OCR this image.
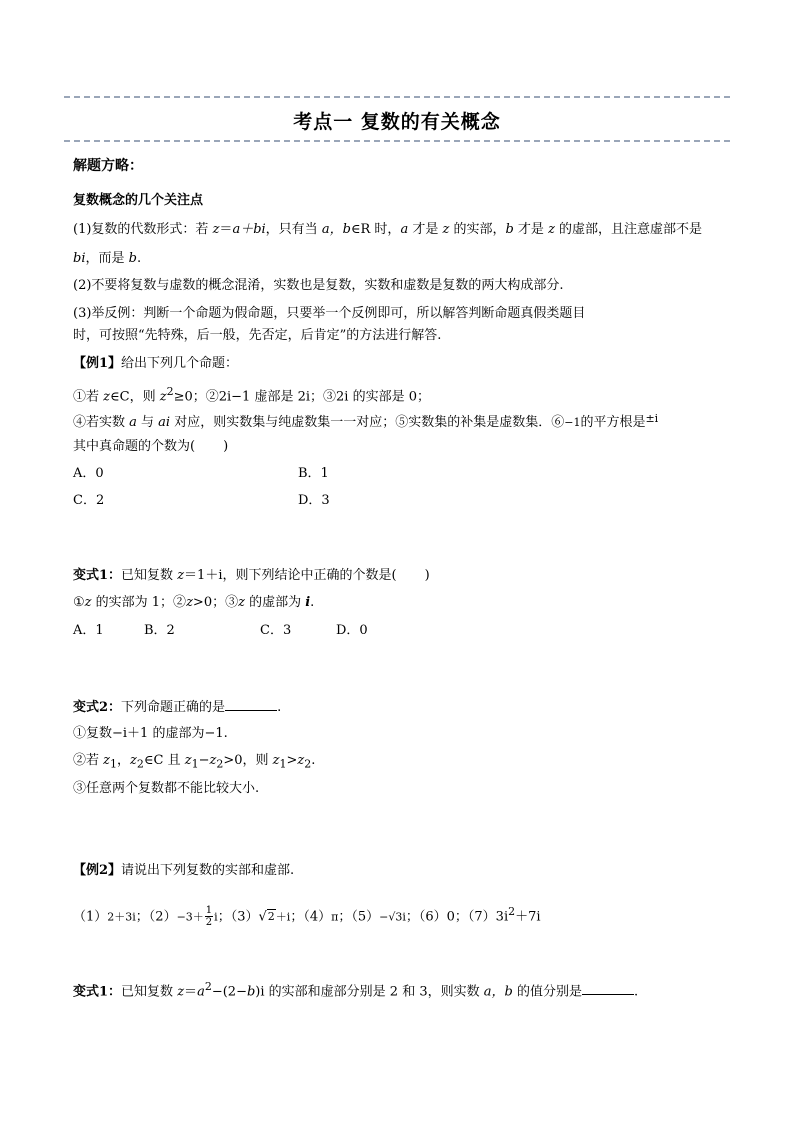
考点一 复数的有关概念
解题方略：
复数概念的几个关注点
(1)复数的代数形式：若 z＝a＋bi，只有当 a，b∈R 时，a 才是 z 的实部，b 才是 z 的虚部，且注意虚部不是
bi，而是 b.
(2)不要将复数与虚数的概念混淆，实数也是复数，实数和虚数是复数的两大构成部分.
(3)举反例：判断一个命题为假命题，只要举一个反例即可，所以解答判断命题真假类题目
时，可按照“先特殊，后一般，先否定，后肯定”的方法进行解答.
【例1】给出下列几个命题：
①若 z∈C，则 $z^2\ge 0$；②2i−1 虚部是 2i；③2i 的实部是 0；
④若实数 a 与 ai 对应，则实数集与纯虚数集一一对应；⑤实数集的补集是虚数集．⑥−1的平方根是$^{\pm i}$
其中真命题的个数为( )
A．0	B．1
C．2	D．3
变式1：已知复数 z＝1＋i，则下列结论中正确的个数是( )
①z 的实部为 1；②z>0；③z 的虚部为 i.
A．1	B．2	C．3	D．0
变式2：下列命题正确的是	.
①复数−i＋1 的虚部为−1.
②若 $z_1$，$z_2\in C$ 且 $z_1-z_2>0$，则 $z_1>z_2$.
③任意两个复数都不能比较大小.
【例2】请说出下列复数的实部和虚部.
（1）2＋3i；$(2)-3+ \frac{1}{2}$ i；（3）√2＋i；（4）π；（5）−√3i；（6）0；$(7)3i^2+7i$
变式1：已知复数 $z=a^2-(2-b)i$ 的实部和虚部分别是 2 和 3，则实数 a，b 的值分别是	.
